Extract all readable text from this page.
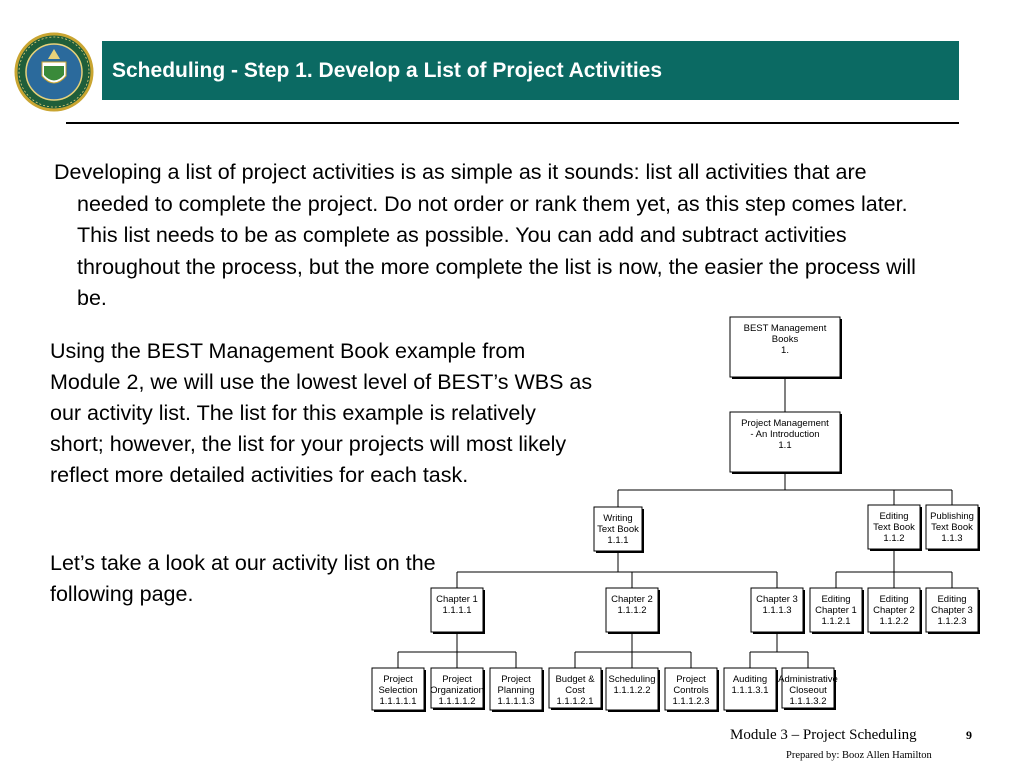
Scheduling - Step 1. Develop a List of Project Activities
Developing a list of project activities is as simple as it sounds: list all activities that are needed to complete the project. Do not order or rank them yet, as this step comes later. This list needs to be as complete as possible. You can add and subtract activities throughout the process, but the more complete the list is now, the easier the process will be.
Using the BEST Management Book example from Module 2, we will use the lowest level of BEST’s WBS as our activity list. The list for this example is relatively short; however, the list for your projects will most likely reflect more detailed activities for each task.
Let’s take a look at our activity list on the following page.
BEST Management
Books
1.
Project Management
- An Introduction
1.1
Writing
Text Book
1.1.1
Editing
Text Book
1.1.2
Publishing
Text Book
1.1.3
Chapter 1
1.1.1.1
Chapter 2
1.1.1.2
Chapter 3
1.1.1.3
Editing
Chapter 1
1.1.2.1
Editing
Chapter 2
1.1.2.2
Editing
Chapter 3
1.1.2.3
Project
Selection
1.1.1.1.1
Project
Organization
1.1.1.1.2
Project
Planning
1.1.1.1.3
Budget &
Cost
1.1.1.2.1
Scheduling
1.1.1.2.2
Project
Controls
1.1.1.2.3
Auditing
1.1.1.3.1
Administrative
Closeout
1.1.1.3.2
Module 3 – Project Scheduling	9
Prepared by: Booz Allen Hamilton
